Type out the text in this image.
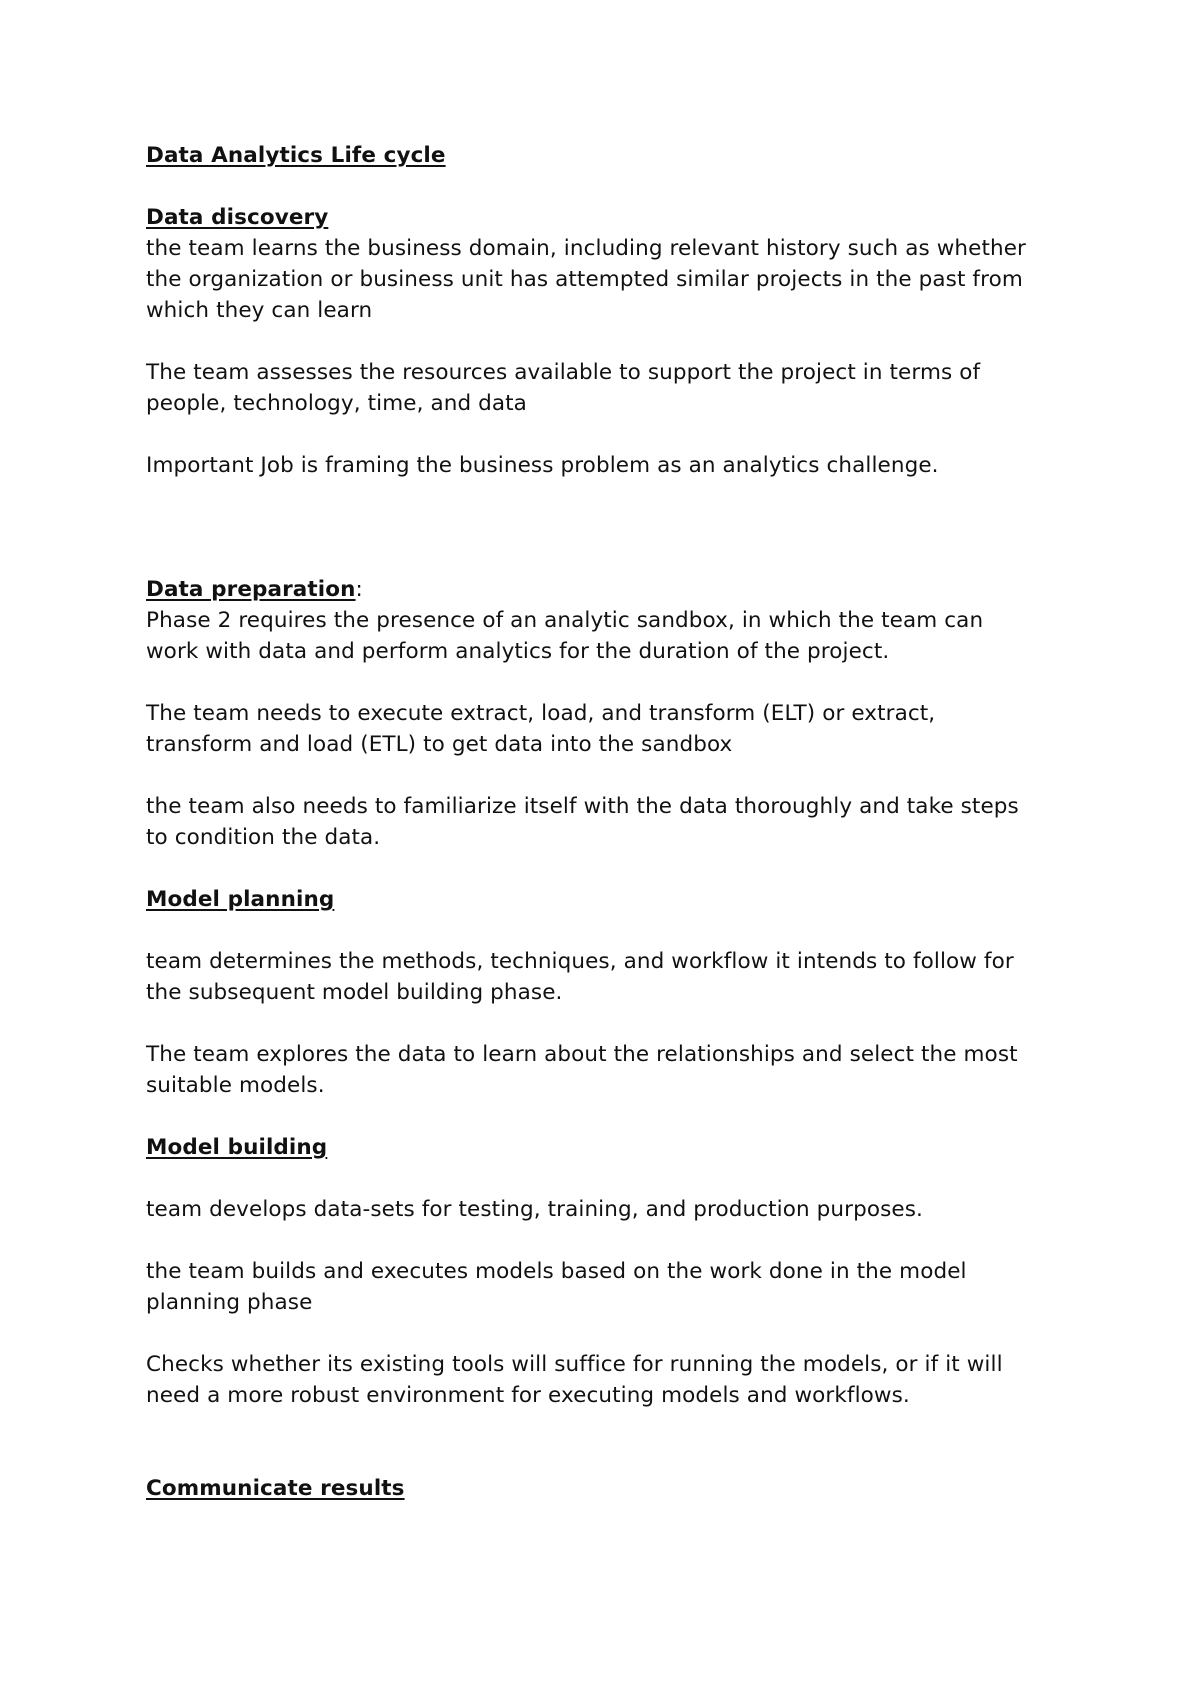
Data Analytics Life cycle
Data discovery
the team learns the business domain, including relevant history such as whether
the organization or business unit has attempted similar projects in the past from
which they can learn
The team assesses the resources available to support the project in terms of
people, technology, time, and data
Important Job is framing the business problem as an analytics challenge.
Data preparation:
Phase 2 requires the presence of an analytic sandbox, in which the team can
work with data and perform analytics for the duration of the project.
The team needs to execute extract, load, and transform (ELT) or extract,
transform and load (ETL) to get data into the sandbox
the team also needs to familiarize itself with the data thoroughly and take steps
to condition the data.
Model planning
team determines the methods, techniques, and workflow it intends to follow for
the subsequent model building phase.
The team explores the data to learn about the relationships and select the most
suitable models.
Model building
team develops data-sets for testing, training, and production purposes.
the team builds and executes models based on the work done in the model
planning phase
Checks whether its existing tools will suffice for running the models, or if it will
need a more robust environment for executing models and workflows.
Communicate results
